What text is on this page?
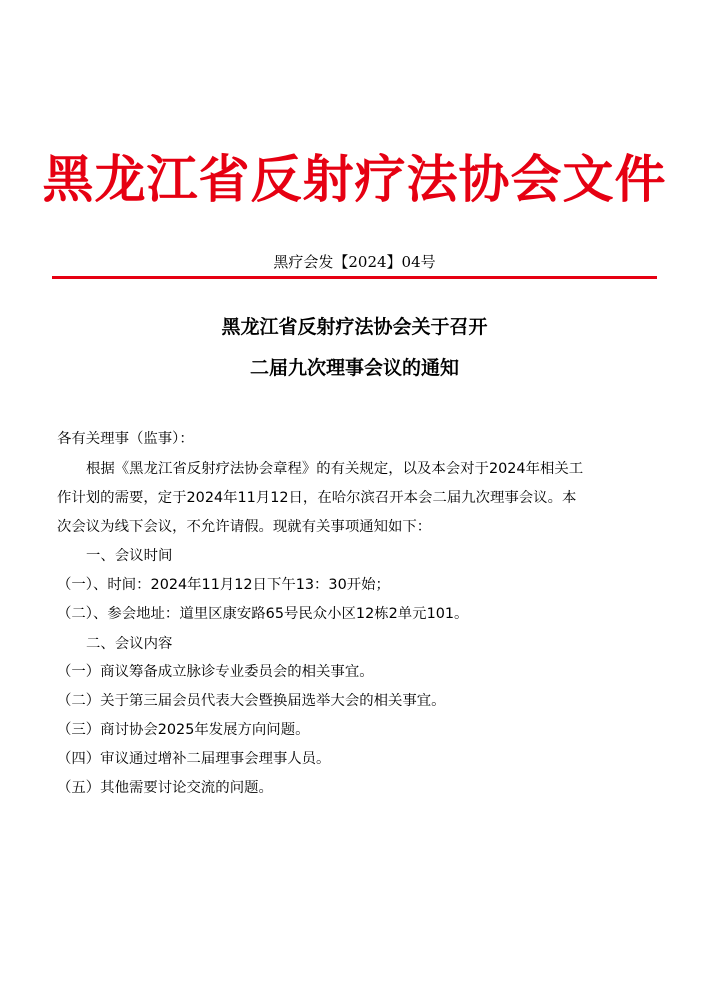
黑龙江省反射疗法协会文件
黑疗会发【2024】04号
黑龙江省反射疗法协会关于召开
二届九次理事会议的通知
各有关理事（监事）：
根据《黑龙江省反射疗法协会章程》的有关规定，以及本会对于2024年相关工
作计划的需要，定于2024年11月12日，在哈尔滨召开本会二届九次理事会议。本
次会议为线下会议，不允许请假。现就有关事项通知如下：
一、会议时间
（一）、时间：2024年11月12日下午13：30开始；
（二）、参会地址：道里区康安路65号民众小区12栋2单元101。
二、会议内容
（一）商议筹备成立脉诊专业委员会的相关事宜。
（二）关于第三届会员代表大会暨换届选举大会的相关事宜。
（三）商讨协会2025年发展方向问题。
（四）审议通过增补二届理事会理事人员。
（五）其他需要讨论交流的问题。
